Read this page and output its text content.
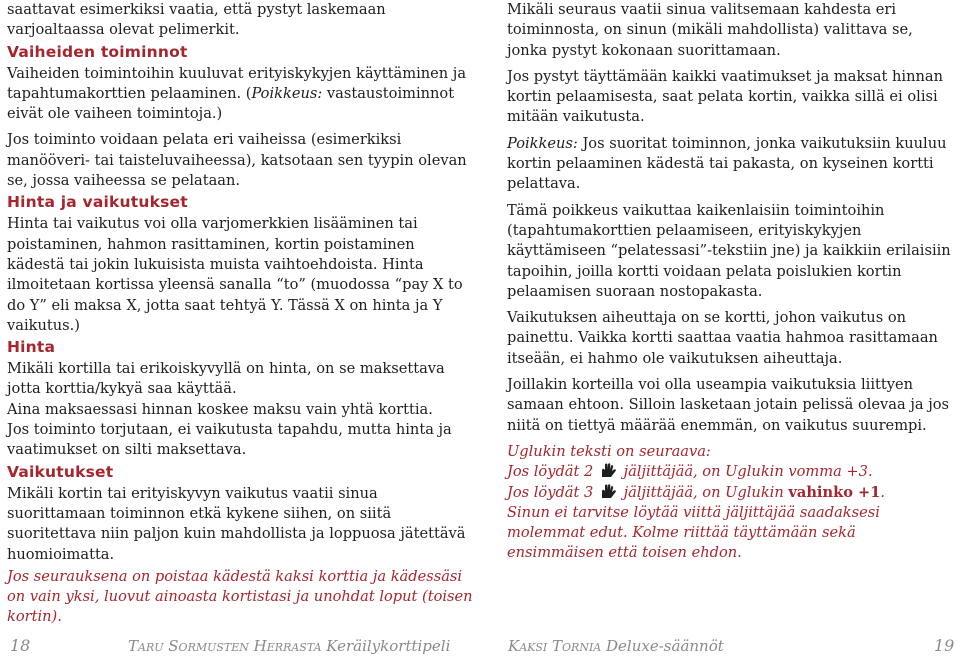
saattavat esimerkiksi vaatia, että pystyt laskemaan varjoaltaassa olevat pelimerkit.

Vaiheiden toiminnot

Vaiheiden toimintoihin kuuluvat erityiskykyjen käyttäminen ja tapahtumakorttien pelaaminen. (Poikkeus: vastaustoiminnot eivät ole vaiheen toimintoja.)

Jos toiminto voidaan pelata eri vaiheissa (esimerkiksi manööveri- tai taisteluvaiheessa), katsotaan sen tyypin olevan se, jossa vaiheessa se pelataan.

Hinta ja vaikutukset

Hinta tai vaikutus voi olla varjomerkkien lisääminen tai poistaminen, hahmon rasittaminen, kortin poistaminen kädestä tai jokin lukuisista muista vaihtoehdoista. Hinta ilmoitetaan kortissa yleensä sanalla “to” (muodossa “pay X to do Y” eli maksa X, jotta saat tehtyä Y. Tässä X on hinta ja Y vaikutus.)

Hinta

Mikäli kortilla tai erikoiskyvyllä on hinta, on se maksettava jotta korttia/kykyä saa käyttää.

Aina maksaessasi hinnan koskee maksu vain yhtä korttia.

Jos toiminto torjutaan, ei vaikutusta tapahdu, mutta hinta ja vaatimukset on silti maksettava.

Vaikutukset

Mikäli kortin tai erityiskyvyn vaikutus vaatii sinua suorittamaan toiminnon etkä kykene siihen, on siitä suoritettava niin paljon kuin mahdollista ja loppuosa jätettävä huomioimatta.

Jos seurauksena on poistaa kädestä kaksi korttia ja kädessäsi on vain yksi, luovut ainoasta kortistasi ja unohdat loput (toisen kortin).

Mikäli seuraus vaatii sinua valitsemaan kahdesta eri toiminnosta, on sinun (mikäli mahdollista) valittava se, jonka pystyt kokonaan suorittamaan.

Jos pystyt täyttämään kaikki vaatimukset ja maksat hinnan kortin pelaamisesta, saat pelata kortin, vaikka sillä ei olisi mitään vaikutusta.

Poikkeus: Jos suoritat toiminnon, jonka vaikutuksiin kuuluu kortin pelaaminen kädestä tai pakasta, on kyseinen kortti pelattava.

Tämä poikkeus vaikuttaa kaikenlaisiin toimintoihin (tapahtumakorttien pelaamiseen, erityiskykyjen käyttämiseen “pelatessasi”-tekstiin jne) ja kaikkiin erilaisiin tapoihin, joilla kortti voidaan pelata poislukien kortin pelaamisen suoraan nostopakasta.

Vaikutuksen aiheuttaja on se kortti, johon vaikutus on painettu. Vaikka kortti saattaa vaatia hahmoa rasittamaan itseään, ei hahmo ole vaikutuksen aiheuttaja.

Joillakin korteilla voi olla useampia vaikutuksia liittyen samaan ehtoon. Silloin lasketaan jotain pelissä olevaa ja jos niitä on tiettyä määrää enemmän, on vaikutus suurempi.

Uglukin teksti on seuraava:

Jos löydät 2 jäljittäjää, on Uglukin vomma +3.

Jos löydät 3 jäljittäjää, on Uglukin vahinko +1.

Sinun ei tarvitse löytää viittä jäljittäjää saadaksesi molemmat edut. Kolme riittää täyttämään sekä ensimmäisen että toisen ehdon.

18	Taru Sormusten Herrasta Keräilykorttipeli	Kaksi Tornia Deluxe-säännöt	19
